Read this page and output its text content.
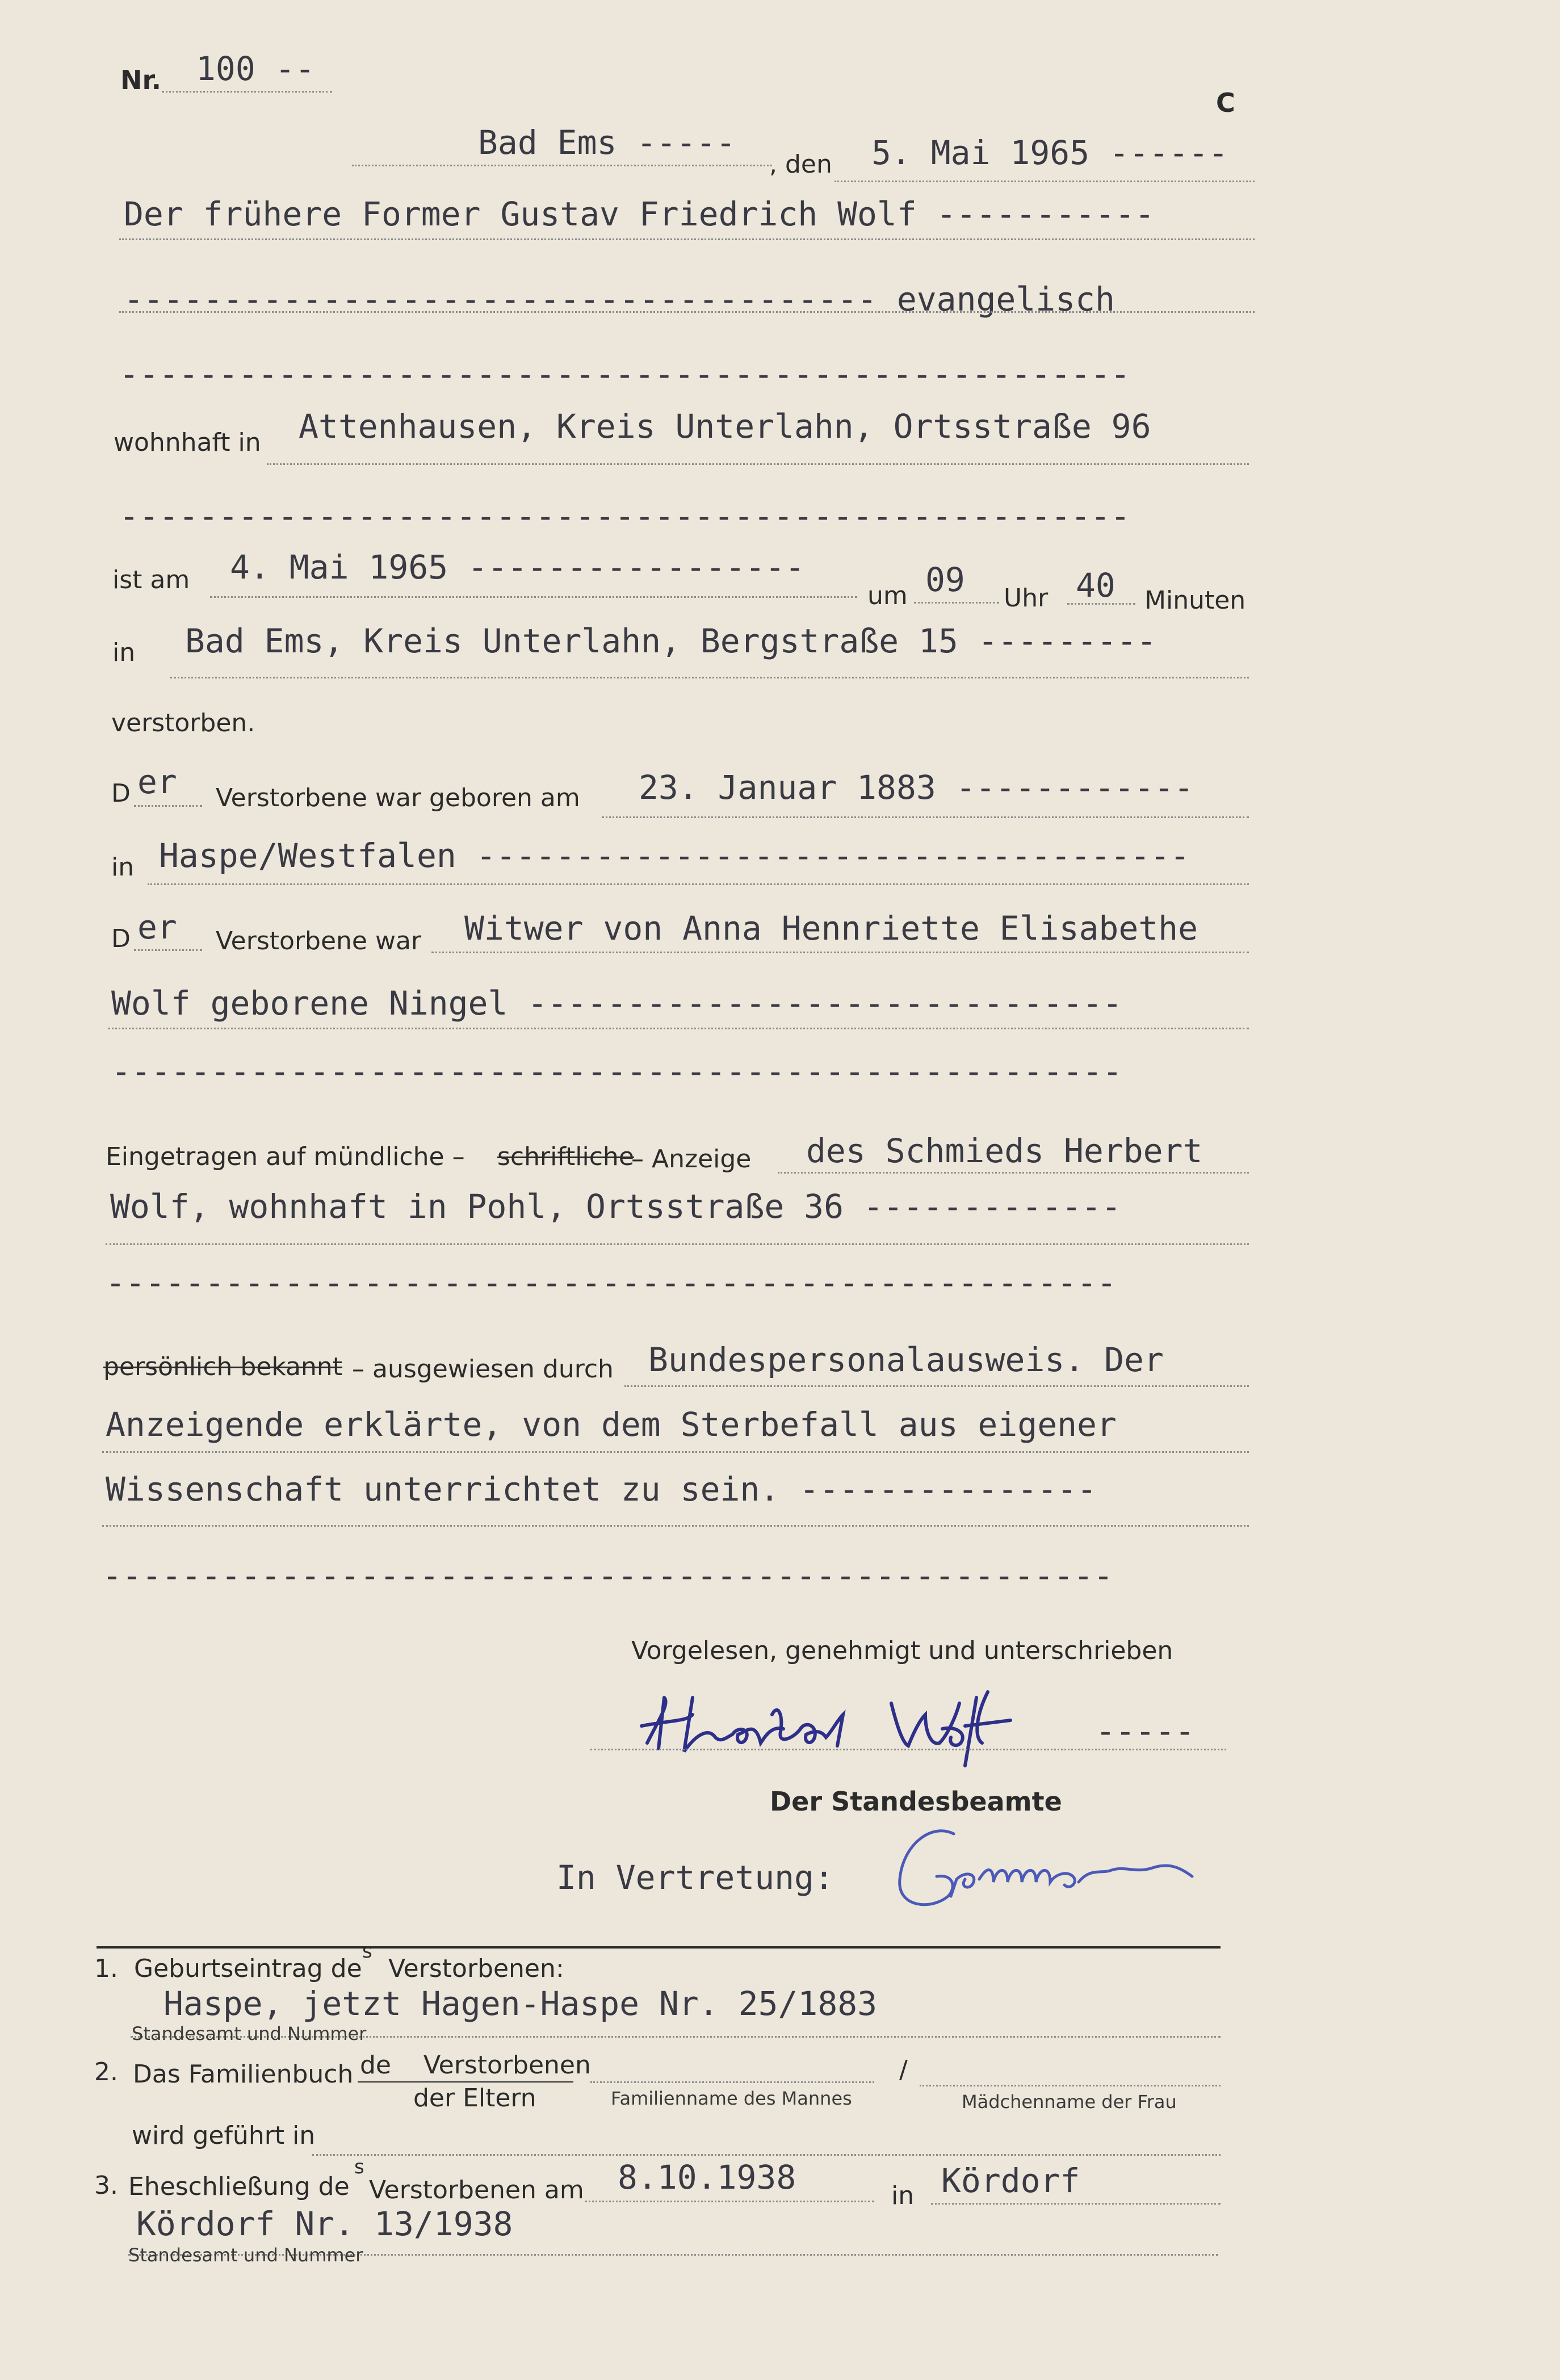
Nr. 100 --
C
Bad Ems -----
, den 5. Mai 1965 ------
Der frühere Former Gustav Friedrich Wolf -----------
-------------------------------------- evangelisch
---------------------------------------------------
wohnhaft in Attenhausen, Kreis Unterlahn, Ortsstraße 96
---------------------------------------------------
ist am 4. Mai 1965 -----------------
um 09 Uhr 40 Minuten
in Bad Ems, Kreis Unterlahn, Bergstraße 15 ---------
verstorben.
D er Verstorbene war geboren am 23. Januar 1883 ------------
in Haspe/Westfalen ------------------------------------
D er Verstorbene war Witwer von Anna Hennriette Elisabethe
Wolf geborene Ningel ------------------------------
---------------------------------------------------
Eingetragen auf mündliche – schriftliche
– Anzeige des Schmieds Herbert
Wolf, wohnhaft in Pohl, Ortsstraße 36 -------------
---------------------------------------------------
persönlich bekannt – ausgewiesen durch Bundespersonalausweis. Der
Anzeigende erklärte, von dem Sterbefall aus eigener
Wissenschaft unterrichtet zu sein. ---------------
---------------------------------------------------
Vorgelesen, genehmigt und unterschrieben
-----
Der Standesbeamte
In Vertretung:
1. Geburtseintrag de
s
Verstorbenen:
Haspe, jetzt Hagen-Haspe Nr. 25/1883
Standesamt und Nummer
2. Das Familienbuch de Verstorbenen
der Eltern	Familienname des Mannes
/
Mädchenname der Frau
wird geführt in
3. Eheschließung de
s
Verstorbenen am 8.10.1938	in Kördorf
Kördorf Nr. 13/1938
Standesamt und Nummer
